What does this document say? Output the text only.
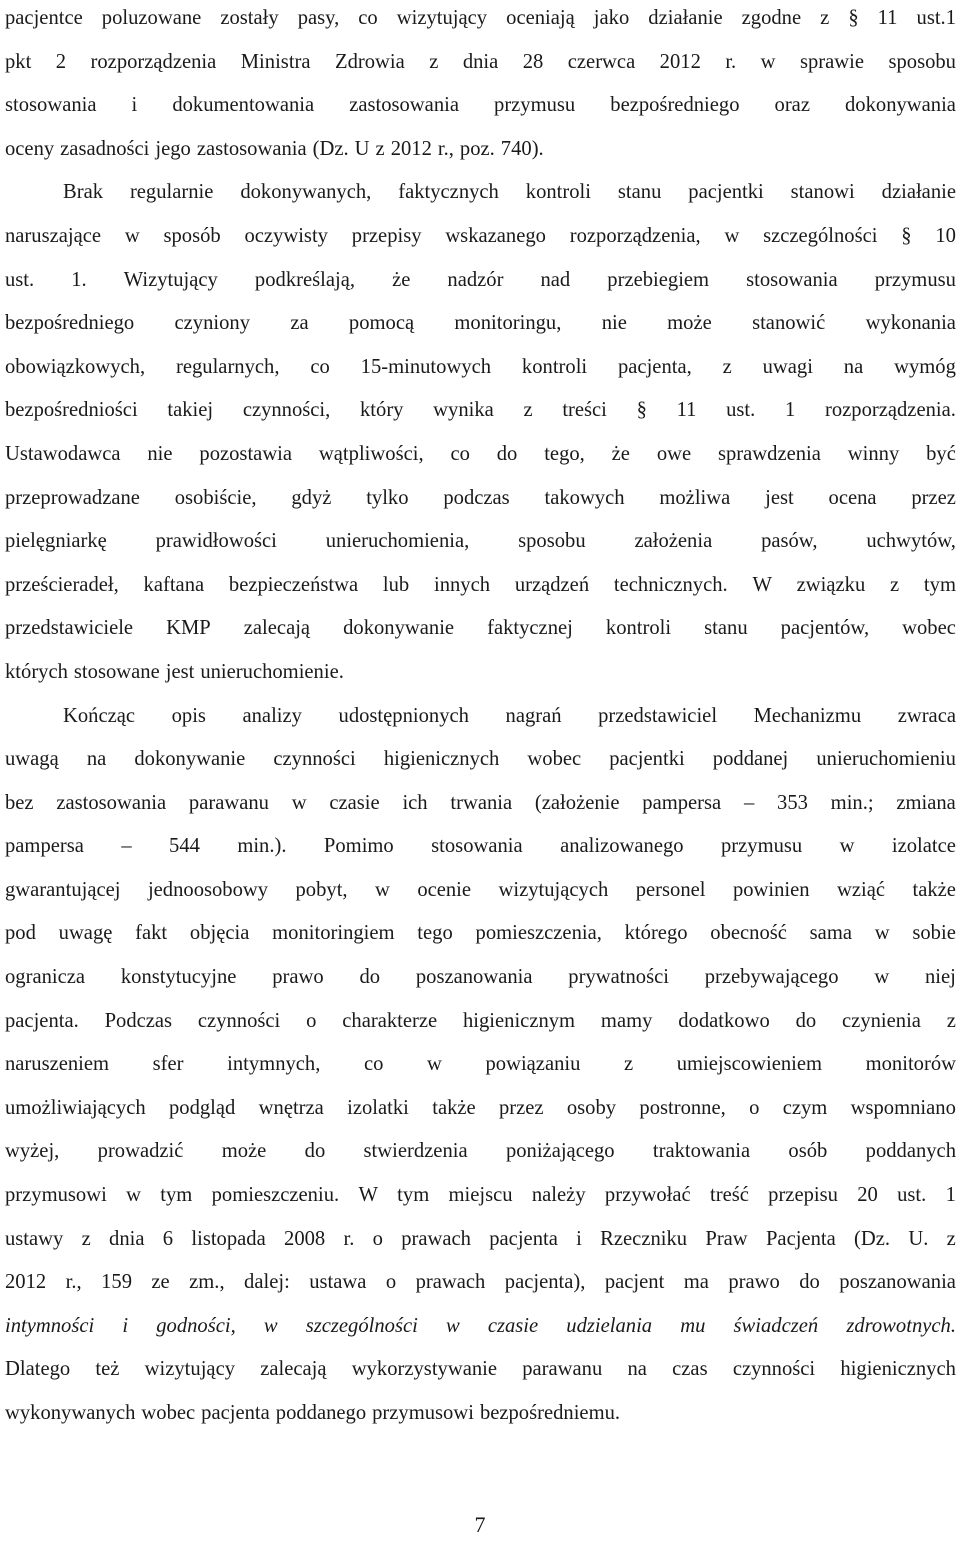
pacjentce poluzowane zostały pasy, co wizytujący oceniają jako działanie zgodne z § 11 ust.1
pkt 2 rozporządzenia Ministra Zdrowia z dnia 28 czerwca 2012 r. w sprawie sposobu
stosowania i dokumentowania zastosowania przymusu bezpośredniego oraz dokonywania
oceny zasadności jego zastosowania (Dz. U z 2012 r., poz. 740).
Brak regularnie dokonywanych, faktycznych kontroli stanu pacjentki stanowi działanie
naruszające w sposób oczywisty przepisy wskazanego rozporządzenia, w szczególności § 10
ust. 1. Wizytujący podkreślają, że nadzór nad przebiegiem stosowania przymusu
bezpośredniego czyniony za pomocą monitoringu, nie może stanowić wykonania
obowiązkowych, regularnych, co 15-minutowych kontroli pacjenta, z uwagi na wymóg
bezpośredniości takiej czynności, który wynika z treści § 11 ust. 1 rozporządzenia.
Ustawodawca nie pozostawia wątpliwości, co do tego, że owe sprawdzenia winny być
przeprowadzane osobiście, gdyż tylko podczas takowych możliwa jest ocena przez
pielęgniarkę prawidłowości unieruchomienia, sposobu założenia pasów, uchwytów,
prześcieradeł, kaftana bezpieczeństwa lub innych urządzeń technicznych. W związku z tym
przedstawiciele KMP zalecają dokonywanie faktycznej kontroli stanu pacjentów, wobec
których stosowane jest unieruchomienie.
Kończąc opis analizy udostępnionych nagrań przedstawiciel Mechanizmu zwraca
uwagą na dokonywanie czynności higienicznych wobec pacjentki poddanej unieruchomieniu
bez zastosowania parawanu w czasie ich trwania (założenie pampersa – 353 min.; zmiana
pampersa – 544 min.). Pomimo stosowania analizowanego przymusu w izolatce
gwarantującej jednoosobowy pobyt, w ocenie wizytujących personel powinien wziąć także
pod uwagę fakt objęcia monitoringiem tego pomieszczenia, którego obecność sama w sobie
ogranicza konstytucyjne prawo do poszanowania prywatności przebywającego w niej
pacjenta. Podczas czynności o charakterze higienicznym mamy dodatkowo do czynienia z
naruszeniem sfer intymnych, co w powiązaniu z umiejscowieniem monitorów
umożliwiających podgląd wnętrza izolatki także przez osoby postronne, o czym wspomniano
wyżej, prowadzić może do stwierdzenia poniżającego traktowania osób poddanych
przymusowi w tym pomieszczeniu. W tym miejscu należy przywołać treść przepisu 20 ust. 1
ustawy z dnia 6 listopada 2008 r. o prawach pacjenta i Rzeczniku Praw Pacjenta (Dz. U. z
2012 r., 159 ze zm., dalej: ustawa o prawach pacjenta), pacjent ma prawo do poszanowania
intymności i godności, w szczególności w czasie udzielania mu świadczeń zdrowotnych.
Dlatego też wizytujący zalecają wykorzystywanie parawanu na czas czynności higienicznych
wykonywanych wobec pacjenta poddanego przymusowi bezpośredniemu.
7
